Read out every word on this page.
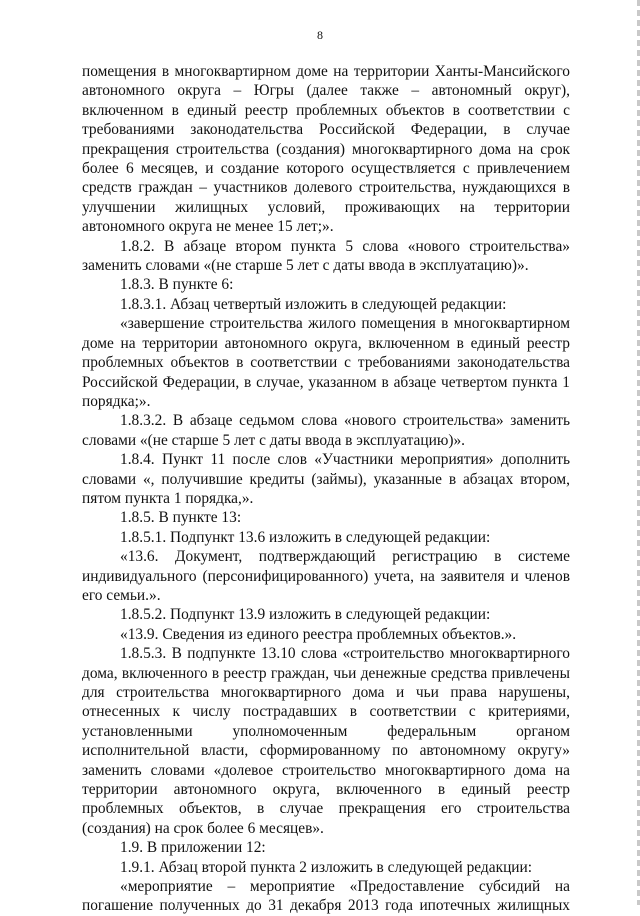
8

помещения в многоквартирном доме на территории Ханты-Мансийского автономного округа – Югры (далее также – автономный округ), включенном в единый реестр проблемных объектов в соответствии с требованиями законодательства Российской Федерации, в случае прекращения строительства (создания) многоквартирного дома на срок более 6 месяцев, и создание которого осуществляется с привлечением средств граждан – участников долевого строительства, нуждающихся в улучшении жилищных условий, проживающих на территории автономного округа не менее 15 лет;».

1.8.2. В абзаце втором пункта 5 слова «нового строительства» заменить словами «(не старше 5 лет с даты ввода в эксплуатацию)».

1.8.3. В пункте 6:

1.8.3.1. Абзац четвертый изложить в следующей редакции:

«завершение строительства жилого помещения в многоквартирном доме на территории автономного округа, включенном в единый реестр проблемных объектов в соответствии с требованиями законодательства Российской Федерации, в случае, указанном в абзаце четвертом пункта 1 порядка;».

1.8.3.2. В абзаце седьмом слова «нового строительства» заменить словами «(не старше 5 лет с даты ввода в эксплуатацию)».

1.8.4. Пункт 11 после слов «Участники мероприятия» дополнить словами «, получившие кредиты (займы), указанные в абзацах втором, пятом пункта 1 порядка,».

1.8.5. В пункте 13:

1.8.5.1. Подпункт 13.6 изложить в следующей редакции:

«13.6. Документ, подтверждающий регистрацию в системе индивидуального (персонифицированного) учета, на заявителя и членов его семьи.».

1.8.5.2. Подпункт 13.9 изложить в следующей редакции:

«13.9. Сведения из единого реестра проблемных объектов.».

1.8.5.3. В подпункте 13.10 слова «строительство многоквартирного дома, включенного в реестр граждан, чьи денежные средства привлечены для строительства многоквартирного дома и чьи права нарушены, отнесенных к числу пострадавших в соответствии с критериями, установленными уполномоченным федеральным органом исполнительной власти, сформированному по автономному округу» заменить словами «долевое строительство многоквартирного дома на территории автономного округа, включенного в единый реестр проблемных объектов, в случае прекращения его строительства (создания) на срок более 6 месяцев».

1.9. В приложении 12:

1.9.1. Абзац второй пункта 2 изложить в следующей редакции:

«мероприятие – мероприятие «Предоставление субсидий на погашение полученных до 31 декабря 2013 года ипотечных жилищных
